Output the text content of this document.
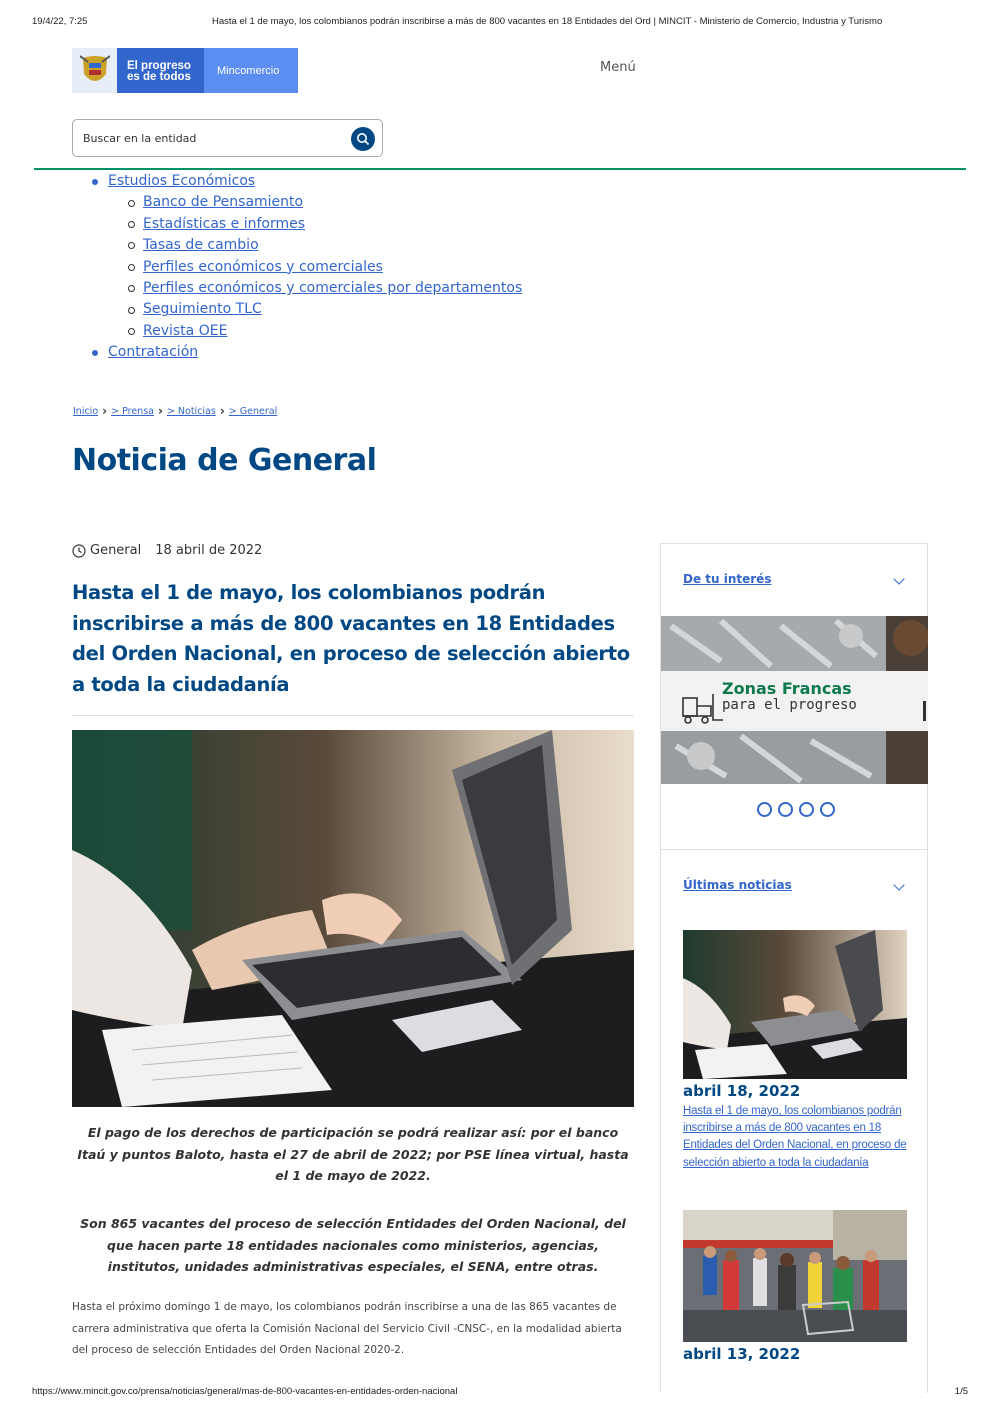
19/4/22, 7:25	Hasta el 1 de mayo, los colombianos podrán inscribirse a más de 800 vacantes en 18 Entidades del Ord | MINCIT - Ministerio de Comercio, Industria y Turismo
El progreso
es de todos	Mincomercio	Menú
Buscar en la entidad
Estudios Económicos
Banco de Pensamiento
Estadísticas e informes
Tasas de cambio
Perfiles económicos y comerciales
Perfiles económicos y comerciales por departamentos
Seguimiento TLC
Revista OEE
Contratación
Inicio › > Prensa › > Noticias › > General
Noticia de General
General 18 abril de 2022
Hasta el 1 de mayo, los colombianos podrán inscribirse a más de 800 vacantes en 18 Entidades del Orden Nacional, en proceso de selección abierto a toda la ciudadanía

El pago de los derechos de participación se podrá realizar así: por el banco Itaú y puntos Baloto, hasta el 27 de abril de 2022; por PSE línea virtual, hasta el 1 de mayo de 2022.

Son 865 vacantes del proceso de selección Entidades del Orden Nacional, del que hacen parte 18 entidades nacionales como ministerios, agencias, institutos, unidades administrativas especiales, el SENA, entre otras.

Hasta el próximo domingo 1 de mayo, los colombianos podrán inscribirse a una de las 865 vacantes de carrera administrativa que oferta la Comisión Nacional del Servicio Civil -CNSC-, en la modalidad abierta del proceso de selección Entidades del Orden Nacional 2020-2.

De tu interés
Zonas Francas
para el progreso
Últimas noticias
abril 18, 2022
Hasta el 1 de mayo, los colombianos podrán inscribirse a más de 800 vacantes en 18 Entidades del Orden Nacional, en proceso de selección abierto a toda la ciudadanía
abril 13, 2022
https://www.mincit.gov.co/prensa/noticias/general/mas-de-800-vacantes-en-entidades-orden-nacional	1/5
